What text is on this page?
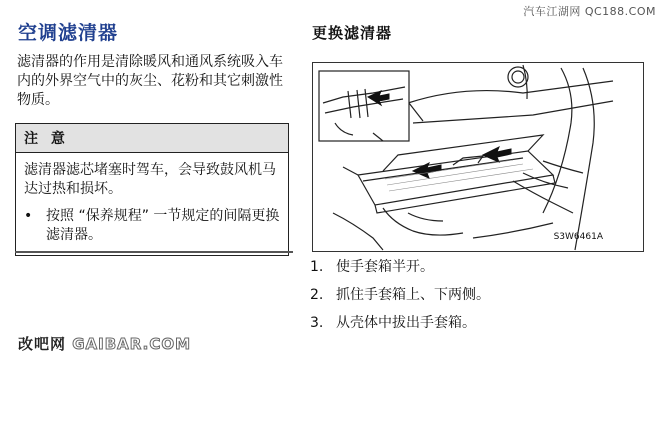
汽车江湖网 QC188.COM
空调滤清器

滤清器的作用是清除暖风和通风系统吸入车内的外界空气中的灰尘、花粉和其它刺激性物质。

注 意
滤清器滤芯堵塞时驾车，会导致鼓风机马达过热和损坏。
• 按照 “保养规程” 一节规定的间隔更换滤清器。
改吧网 GAIBAR.COM
更换滤清器
S3W6461A
1. 使手套箱半开。
2. 抓住手套箱上、下两侧。
3. 从壳体中拔出手套箱。
